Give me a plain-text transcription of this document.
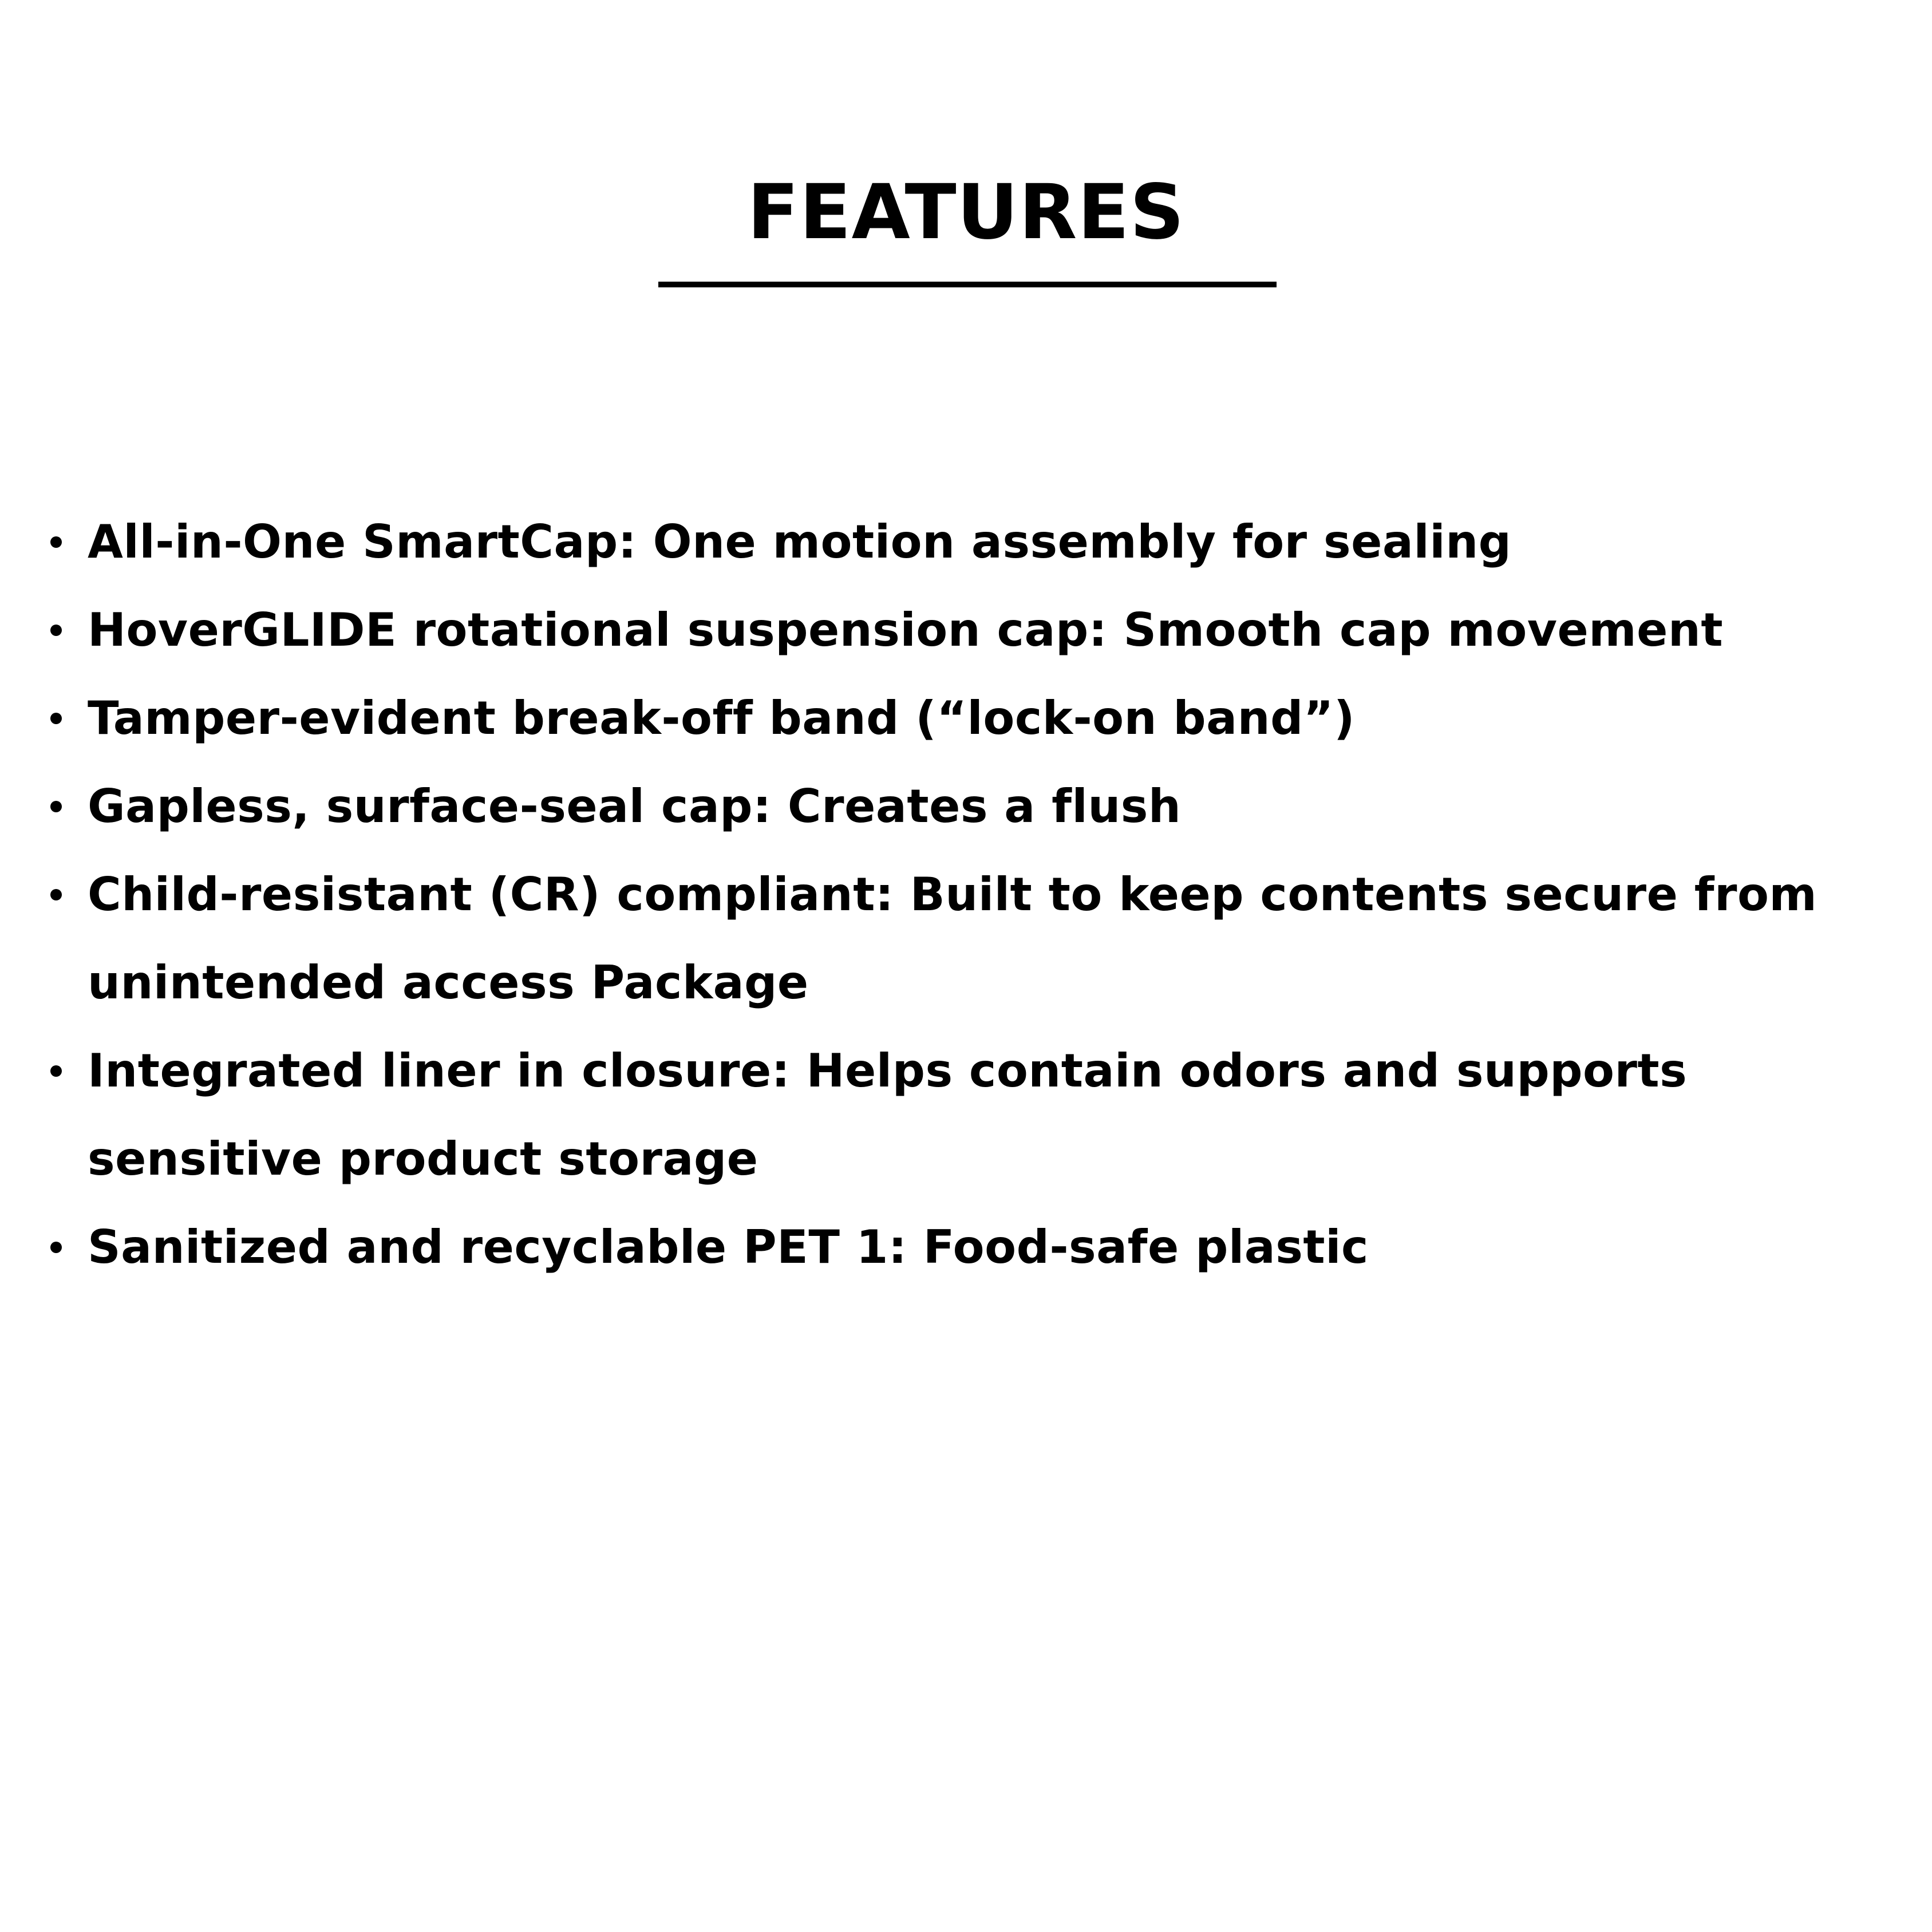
FEATURES
All-in-One SmartCap: One motion assembly for sealing
HoverGLIDE rotational suspension cap: Smooth cap movement
Tamper-evident break-off band (“lock-on band”)
Gapless, surface-seal cap: Creates a flush
Child-resistant (CR) compliant: Built to keep contents secure from unintended access Package
Integrated liner in closure: Helps contain odors and supports sensitive product storage
Sanitized and recyclable PET 1: Food-safe plastic
